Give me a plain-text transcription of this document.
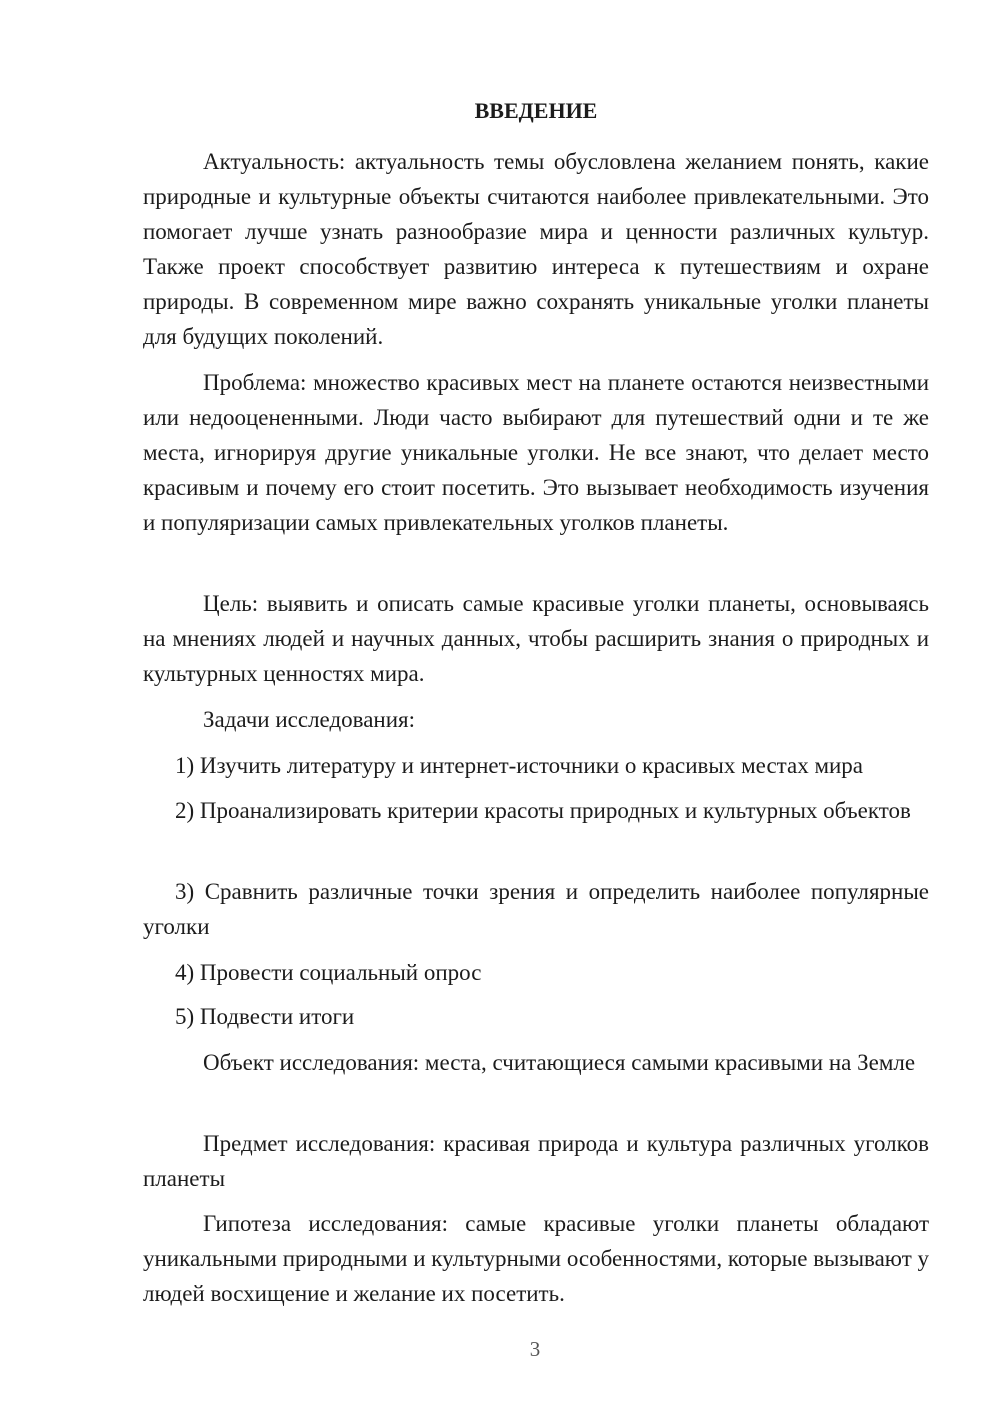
ВВЕДЕНИЕ

Актуальность: актуальность темы обусловлена желанием понять, какие природные и культурные объекты считаются наиболее привлекательными. Это помогает лучше узнать разнообразие мира и ценности различных культур. Также проект способствует развитию интереса к путешествиям и охране природы. В современном мире важно сохранять уникальные уголки планеты для будущих поколений.

Проблема: множество красивых мест на планете остаются неизвестными или недооцененными. Люди часто выбирают для путешествий одни и те же места, игнорируя другие уникальные уголки. Не все знают, что делает место красивым и почему его стоит посетить. Это вызывает необходимость изучения и популяризации самых привлекательных уголков планеты.

Цель: выявить и описать самые красивые уголки планеты, основываясь на мнениях людей и научных данных, чтобы расширить знания о природных и культурных ценностях мира.

Задачи исследования:

1) Изучить литературу и интернет-источники о красивых местах мира

2) Проанализировать критерии красоты природных и культурных объектов

3) Сравнить различные точки зрения и определить наиболее популярные уголки

4) Провести социальный опрос

5) Подвести итоги

Объект исследования: места, считающиеся самыми красивыми на Земле

Предмет исследования: красивая природа и культура различных уголков планеты

Гипотеза исследования: самые красивые уголки планеты обладают уникальными природными и культурными особенностями, которые вызывают у людей восхищение и желание их посетить.

3
